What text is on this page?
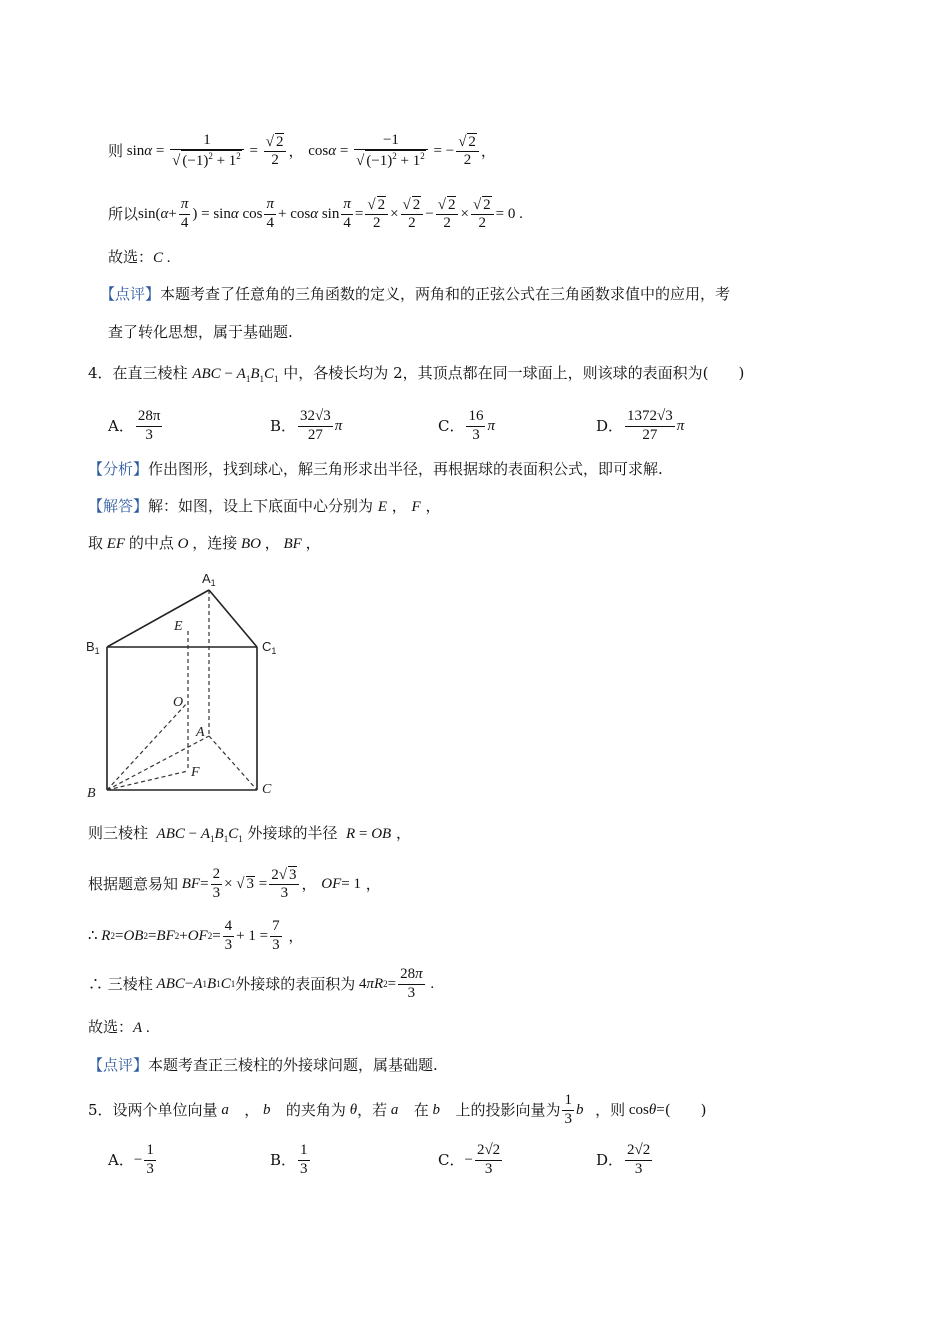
则 $\sin \alpha = \frac{1}{√ (-1)^2 + 1^2} = \frac{√ 2}{2}$ ， $\cos \alpha = \frac{-1}{√ (-1)^2 + 1^2}$ = − $\frac{√ 2}{2}$ ，
所以 sin( $\alpha + \frac{\pi}{4}$ ) = sin α $\cos \frac{\pi}{4} + \cos \alpha$ $\sin \frac{\pi}{4} = \frac{√ 2}{2} \times \frac{√ 2}{2} - \frac{√ 2}{2} \times \frac{√ 2}{2} = 0$ .
故选：C .
【点评】本题考查了任意角的三角函数的定义，两角和的正弦公式在三角函数求值中的应用，考
查了转化思想，属于基础题.
4．在直三棱柱 ABC − $A_1B_1C_1$ 中，各棱长均为 2，其顶点都在同一球面上，则该球的表面积为(　　)
A． $\frac{28\pi}{3}$	B． $\frac{32√3}{27}$ π	C． $\frac{16}{3}$ π	D． $\frac{1372√3}{27}$ π
【分析】作出图形，找到球心，解三角形求出半径，再根据球的表面积公式，即可求解.
【解答】解：如图，设上下底面中心分别为 E ， F ，
取 EF 的中点 O ，连接 BO ， BF ，
$A_1$
$B_1$	$C_1$
E
O
A
F
B	C
则三棱柱  ABC − $A_1B_1C_1$ 外接球的半径  R = OB ，
根据题意易知 BF = $\frac{2}{3}$ × √ $3 = \frac{2√ 3}{3}$ ， OF = 1 ，
∴ R 2 = OB 2 = BF 2 + OF $2 = \frac{4}{3} + 1 = \frac{7}{3}$ ，
∴ 三棱柱 ABC − A 1 B 1 C 1 外接球的表面积为 4 πR $2 = \frac{28\pi}{3}$ .
故选：A .
【点评】本题考查正三棱柱的外接球问题，属基础题.
5． 设两个单位向量 a⃗ ， b⃗ 的夹角为 θ ，若 a⃗ 在 b⃗ 上的投影向量为 $\frac{1}{3}$ b⃗ ，则 cos θ = (　　)
A． − $\frac{1}{3}$	B． $\frac{1}{3}$	C． − $\frac{2√2}{3}$	D． $\frac{2√2}{3}$
